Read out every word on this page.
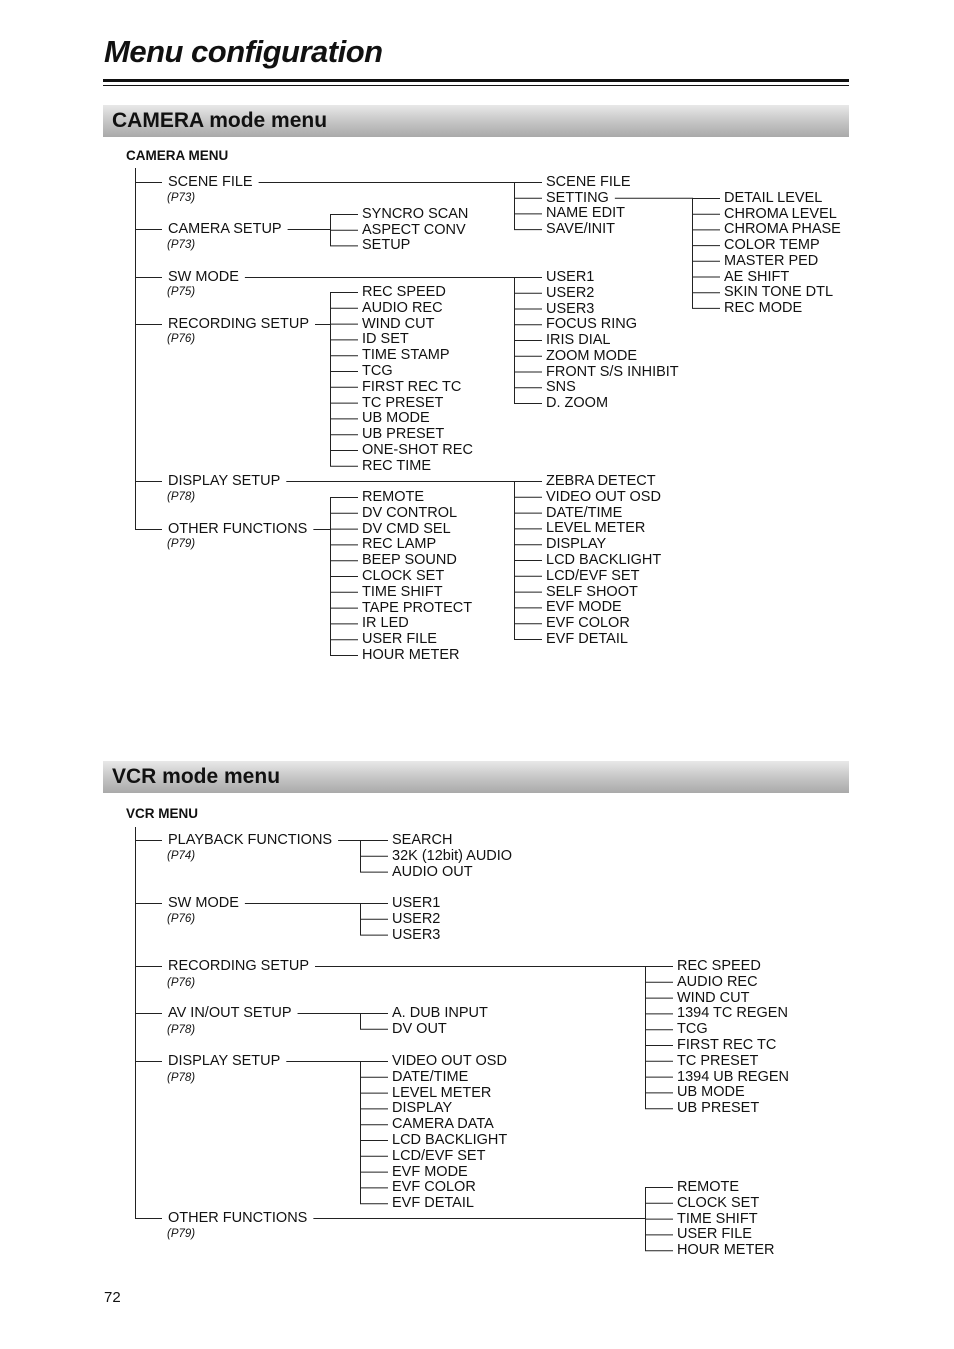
Menu configuration
CAMERA mode menu
CAMERA MENU
VCR mode menu
VCR MENU
SCENE FILE
(P73)
CAMERA SETUP
(P73)
SW MODE
(P75)
RECORDING SETUP
(P76)
DISPLAY SETUP
(P78)
OTHER FUNCTIONS
(P79)
SYNCRO SCAN
ASPECT CONV
SETUP
REC SPEED
AUDIO REC
WIND CUT
ID SET
TIME STAMP
TCG
FIRST REC TC
TC PRESET
UB MODE
UB PRESET
ONE-SHOT REC
REC TIME
REMOTE
DV CONTROL
DV CMD SEL
REC LAMP
BEEP SOUND
CLOCK SET
TIME SHIFT
TAPE PROTECT
IR LED
USER FILE
HOUR METER
SCENE FILE
SETTING
NAME EDIT
SAVE/INIT
USER1
USER2
USER3
FOCUS RING
IRIS DIAL
ZOOM MODE
FRONT S/S INHIBIT
SNS
D. ZOOM
ZEBRA DETECT
VIDEO OUT OSD
DATE/TIME
LEVEL METER
DISPLAY
LCD BACKLIGHT
LCD/EVF SET
SELF SHOOT
EVF MODE
EVF COLOR
EVF DETAIL
DETAIL LEVEL
CHROMA LEVEL
CHROMA PHASE
COLOR TEMP
MASTER PED
AE SHIFT
SKIN TONE DTL
REC MODE
PLAYBACK FUNCTIONS
(P74)
SW MODE
(P76)
RECORDING SETUP
(P76)
AV IN/OUT SETUP
(P78)
DISPLAY SETUP
(P78)
OTHER FUNCTIONS
(P79)
SEARCH
32K (12bit) AUDIO
AUDIO OUT
USER1
USER2
USER3
A. DUB INPUT
DV OUT
VIDEO OUT OSD
DATE/TIME
LEVEL METER
DISPLAY
CAMERA DATA
LCD BACKLIGHT
LCD/EVF SET
EVF MODE
EVF COLOR
EVF DETAIL
REC SPEED
AUDIO REC
WIND CUT
1394 TC REGEN
TCG
FIRST REC TC
TC PRESET
1394 UB REGEN
UB MODE
UB PRESET
REMOTE
CLOCK SET
TIME SHIFT
USER FILE
HOUR METER
72
